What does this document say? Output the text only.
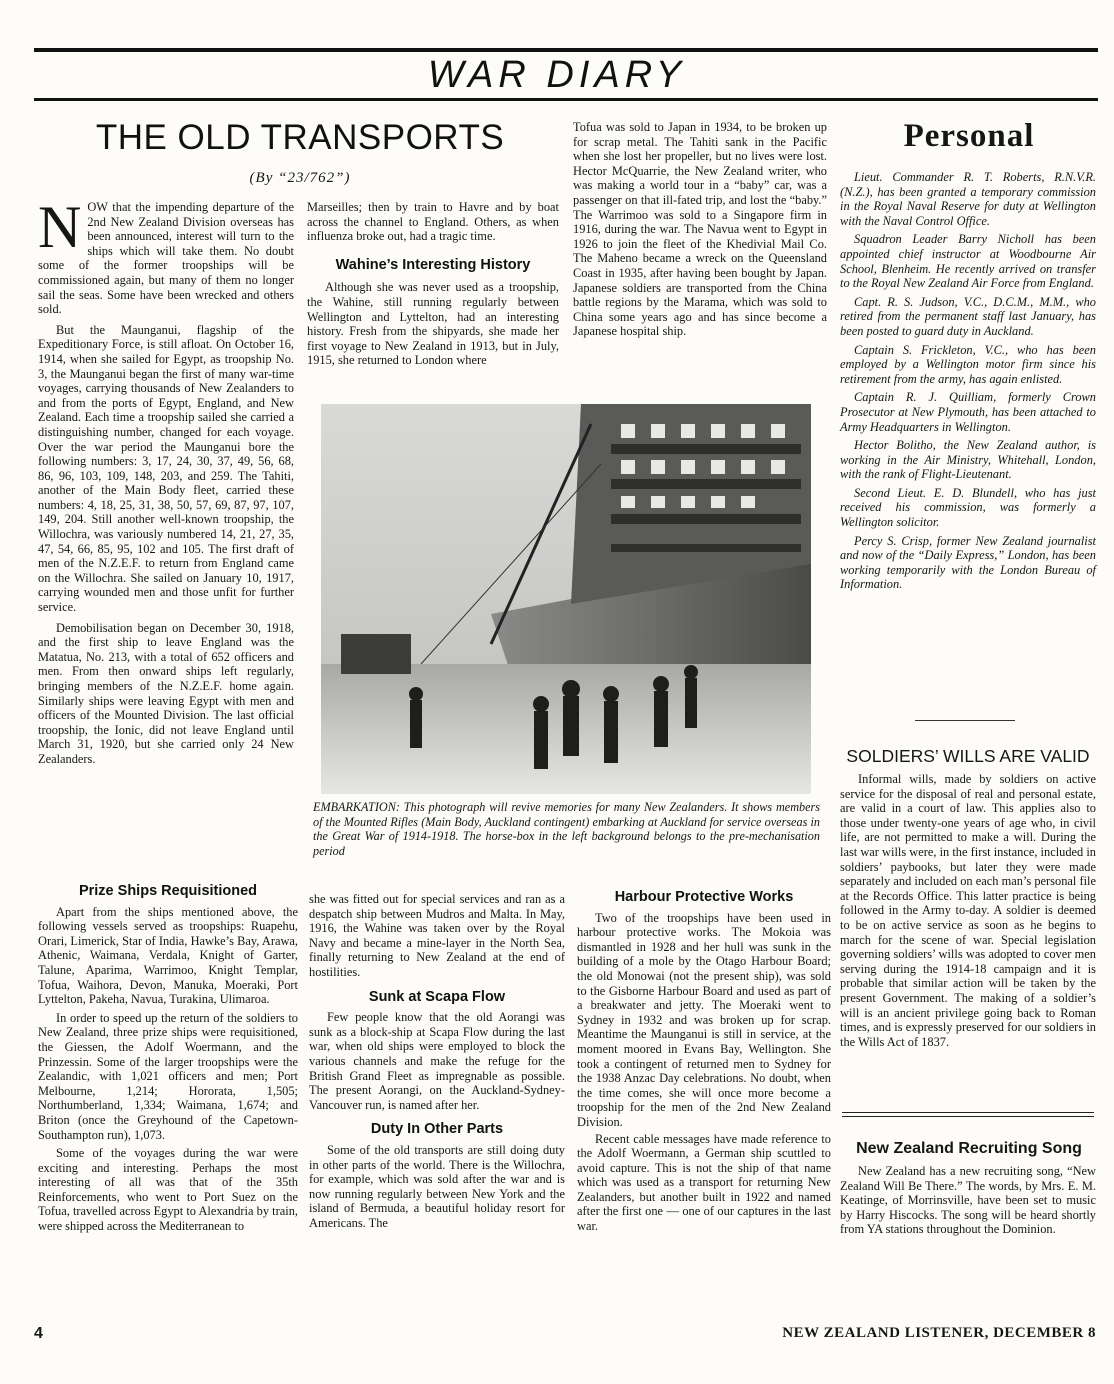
WAR DIARY
THE OLD TRANSPORTS
(By “23/762”)

NOW that the impending departure of the 2nd New Zealand Division overseas has been announced, interest will turn to the ships which will take them. No doubt some of the former troopships will be commissioned again, but many of them no longer sail the seas. Some have been wrecked and others sold.

But the Maunganui, flagship of the Expeditionary Force, is still afloat. On October 16, 1914, when she sailed for Egypt, as troopship No. 3, the Maunganui began the first of many war-time voyages, carrying thousands of New Zealanders to and from the ports of Egypt, England, and New Zealand. Each time a troopship sailed she carried a distinguishing number, changed for each voyage. Over the war period the Maunganui bore the following numbers: 3, 17, 24, 30, 37, 49, 56, 68, 86, 96, 103, 109, 148, 203, and 259. The Tahiti, another of the Main Body fleet, carried these numbers: 4, 18, 25, 31, 38, 50, 57, 69, 87, 97, 107, 149, 204. Still another well-known troopship, the Willochra, was variously numbered 14, 21, 27, 35, 47, 54, 66, 85, 95, 102 and 105. The first draft of men of the N.Z.E.F. to return from England came on the Willochra. She sailed on January 10, 1917, carrying wounded men and those unfit for further service.

Demobilisation began on December 30, 1918, and the first ship to leave England was the Matatua, No. 213, with a total of 652 officers and men. From then onward ships left regularly, bringing members of the N.Z.E.F. home again. Similarly ships were leaving Egypt with men and officers of the Mounted Division. The last official troopship, the Ionic, did not leave England until March 31, 1920, but she carried only 24 New Zealanders.

Marseilles; then by train to Havre and by boat across the channel to England. Others, as when influenza broke out, had a tragic time.

Wahine’s Interesting History

Although she was never used as a troopship, the Wahine, still running regularly between Wellington and Lyttelton, had an interesting history. Fresh from the shipyards, she made her first voyage to New Zealand in 1913, but in July, 1915, she returned to London where

Tofua was sold to Japan in 1934, to be broken up for scrap metal. The Tahiti sank in the Pacific when she lost her propeller, but no lives were lost. Hector McQuarrie, the New Zealand writer, who was making a world tour in a “baby” car, was a passenger on that ill-fated trip, and lost the “baby.” The Warrimoo was sold to a Singapore firm in 1916, during the war. The Navua went to Egypt in 1926 to join the fleet of the Khedivial Mail Co. The Maheno became a wreck on the Queensland Coast in 1935, after having been bought by Japan. Japanese soldiers are transported from the China battle regions by the Marama, which was sold to China some years ago and has since become a Japanese hospital ship.

EMBARKATION: This photograph will revive memories for many New Zealanders. It shows members of the Mounted Rifles (Main Body, Auckland contingent) embarking at Auckland for service overseas in the Great War of 1914-1918. The horse-box in the left background belongs to the pre-mechanisation period
Prize Ships Requisitioned

Apart from the ships mentioned above, the following vessels served as troopships: Ruapehu, Orari, Limerick, Star of India, Hawke’s Bay, Arawa, Athenic, Waimana, Verdala, Knight of Garter, Talune, Aparima, Warrimoo, Knight Templar, Tofua, Waihora, Devon, Manuka, Moeraki, Port Lyttelton, Pakeha, Navua, Turakina, Ulimaroa.

In order to speed up the return of the soldiers to New Zealand, three prize ships were requisitioned, the Giessen, the Adolf Woermann, and the Prinzessin. Some of the larger troopships were the Zealandic, with 1,021 officers and men; Port Melbourne, 1,214; Hororata, 1,505; Northumberland, 1,334; Waimana, 1,674; and Briton (once the Greyhound of the Capetown-Southampton run), 1,073.

Some of the voyages during the war were exciting and interesting. Perhaps the most interesting of all was that of the 35th Reinforcements, who went to Port Suez on the Tofua, travelled across Egypt to Alexandria by train, were shipped across the Mediterranean to

she was fitted out for special services and ran as a despatch ship between Mudros and Malta. In May, 1916, the Wahine was taken over by the Royal Navy and became a mine-layer in the North Sea, finally returning to New Zealand at the end of hostilities.

Sunk at Scapa Flow

Few people know that the old Aorangi was sunk as a block-ship at Scapa Flow during the last war, when old ships were employed to block the various channels and make the refuge for the British Grand Fleet as impregnable as possible. The present Aorangi, on the Auckland-Sydney-Vancouver run, is named after her.

Duty In Other Parts

Some of the old transports are still doing duty in other parts of the world. There is the Willochra, for example, which was sold after the war and is now running regularly between New York and the island of Bermuda, a beautiful holiday resort for Americans. The

Harbour Protective Works

Two of the troopships have been used in harbour protective works. The Mokoia was dismantled in 1928 and her hull was sunk in the building of a mole by the Otago Harbour Board; the old Monowai (not the present ship), was sold to the Gisborne Harbour Board and used as part of a breakwater and jetty. The Moeraki went to Sydney in 1932 and was broken up for scrap. Meantime the Maunganui is still in service, at the moment moored in Evans Bay, Wellington. She took a contingent of returned men to Sydney for the 1938 Anzac Day celebrations. No doubt, when the time comes, she will once more become a troopship for the men of the 2nd New Zealand Division.

Recent cable messages have made reference to the Adolf Woermann, a German ship scuttled to avoid capture. This is not the ship of that name which was used as a transport for returning New Zealanders, but another built in 1922 and named after the first one — one of our captures in the last war.

Personal

Lieut. Commander R. T. Roberts, R.N.V.R. (N.Z.), has been granted a temporary commission in the Royal Naval Reserve for duty at Wellington with the Naval Control Office.

Squadron Leader Barry Nicholl has been appointed chief instructor at Woodbourne Air School, Blenheim. He recently arrived on transfer to the Royal New Zealand Air Force from England.

Capt. R. S. Judson, V.C., D.C.M., M.M., who retired from the permanent staff last January, has been posted to guard duty in Auckland.

Captain S. Frickleton, V.C., who has been employed by a Wellington motor firm since his retirement from the army, has again enlisted.

Captain R. J. Quilliam, formerly Crown Prosecutor at New Plymouth, has been attached to Army Headquarters in Wellington.

Hector Bolitho, the New Zealand author, is working in the Air Ministry, Whitehall, London, with the rank of Flight-Lieutenant.

Second Lieut. E. D. Blundell, who has just received his commission, was formerly a Wellington solicitor.

Percy S. Crisp, former New Zealand journalist and now of the “Daily Express,” London, has been working temporarily with the London Bureau of Information.

SOLDIERS’ WILLS ARE VALID

Informal wills, made by soldiers on active service for the disposal of real and personal estate, are valid in a court of law. This applies also to those under twenty-one years of age who, in civil life, are not permitted to make a will. During the last war wills were, in the first instance, included in soldiers’ paybooks, but later they were made separately and included on each man’s personal file at the Records Office. This latter practice is being followed in the Army to-day. A soldier is deemed to be on active service as soon as he begins to march for the scene of war. Special legislation governing soldiers’ wills was adopted to cover men serving during the 1914-18 campaign and it is probable that similar action will be taken by the present Government. The making of a soldier’s will is an ancient privilege going back to Roman times, and is expressly preserved for our soldiers in the Wills Act of 1837.

New Zealand Recruiting Song

New Zealand has a new recruiting song, “New Zealand Will Be There.” The words, by Mrs. E. M. Keatinge, of Morrinsville, have been set to music by Harry Hiscocks. The song will be heard shortly from YA stations throughout the Dominion.

4	NEW ZEALAND LISTENER, DECEMBER 8
